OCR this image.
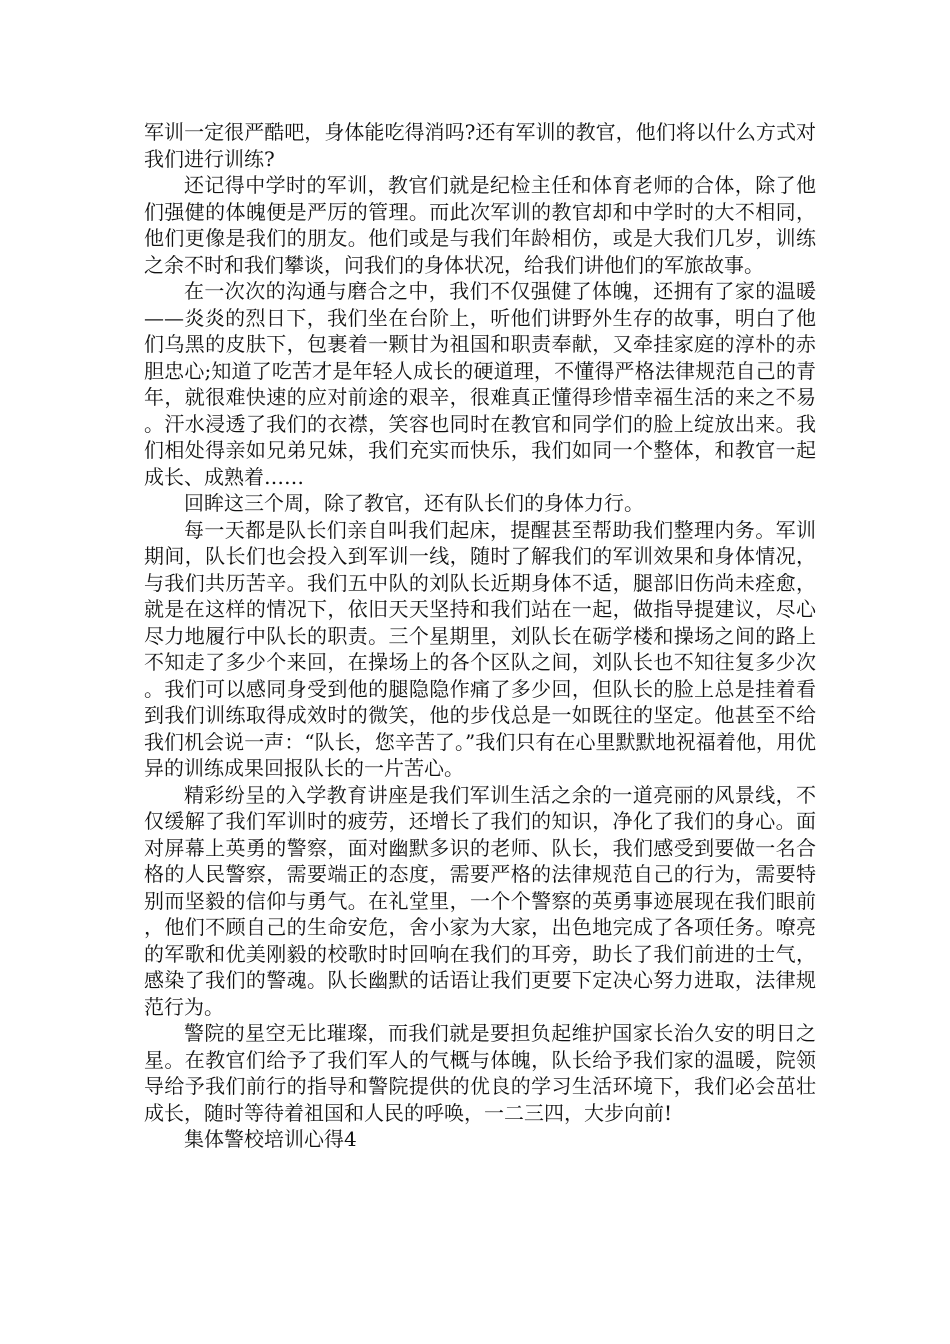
军训一定很严酷吧，身体能吃得消吗?还有军训的教官，他们将以什么方式对我们进行训练?

还记得中学时的军训，教官们就是纪检主任和体育老师的合体，除了他们强健的体魄便是严厉的管理。而此次军训的教官却和中学时的大不相同，他们更像是我们的朋友。他们或是与我们年龄相仿，或是大我们几岁，训练之余不时和我们攀谈，问我们的身体状况，给我们讲他们的军旅故事。

在一次次的沟通与磨合之中，我们不仅强健了体魄，还拥有了家的温暖——炎炎的烈日下，我们坐在台阶上，听他们讲野外生存的故事，明白了他们乌黑的皮肤下，包裹着一颗甘为祖国和职责奉献，又牵挂家庭的淳朴的赤胆忠心;知道了吃苦才是年轻人成长的硬道理，不懂得严格法律规范自己的青年，就很难快速的应对前途的艰辛，很难真正懂得珍惜幸福生活的来之不易。汗水浸透了我们的衣襟，笑容也同时在教官和同学们的脸上绽放出来。我们相处得亲如兄弟兄妹，我们充实而快乐，我们如同一个整体，和教官一起成长、成熟着……

回眸这三个周，除了教官，还有队长们的身体力行。

每一天都是队长们亲自叫我们起床，提醒甚至帮助我们整理内务。军训期间，队长们也会投入到军训一线，随时了解我们的军训效果和身体情况，与我们共历苦辛。我们五中队的刘队长近期身体不适，腿部旧伤尚未痊愈，就是在这样的情况下，依旧天天坚持和我们站在一起，做指导提建议，尽心尽力地履行中队长的职责。三个星期里，刘队长在砺学楼和操场之间的路上不知走了多少个来回，在操场上的各个区队之间，刘队长也不知往复多少次。我们可以感同身受到他的腿隐隐作痛了多少回，但队长的脸上总是挂着看到我们训练取得成效时的微笑，他的步伐总是一如既往的坚定。他甚至不给我们机会说一声：“队长，您辛苦了。”我们只有在心里默默地祝福着他，用优异的训练成果回报队长的一片苦心。

精彩纷呈的入学教育讲座是我们军训生活之余的一道亮丽的风景线，不仅缓解了我们军训时的疲劳，还增长了我们的知识，净化了我们的身心。面对屏幕上英勇的警察，面对幽默多识的老师、队长，我们感受到要做一名合格的人民警察，需要端正的态度，需要严格的法律规范自己的行为，需要特别而坚毅的信仰与勇气。在礼堂里，一个个警察的英勇事迹展现在我们眼前，他们不顾自己的生命安危，舍小家为大家，出色地完成了各项任务。嘹亮的军歌和优美刚毅的校歌时时回响在我们的耳旁，助长了我们前进的士气，感染了我们的警魂。队长幽默的话语让我们更要下定决心努力进取，法律规范行为。

警院的星空无比璀璨，而我们就是要担负起维护国家长治久安的明日之星。在教官们给予了我们军人的气概与体魄，队长给予我们家的温暖，院领导给予我们前行的指导和警院提供的优良的学习生活环境下，我们必会茁壮成长，随时等待着祖国和人民的呼唤，一二三四，大步向前!

集体警校培训心得4
